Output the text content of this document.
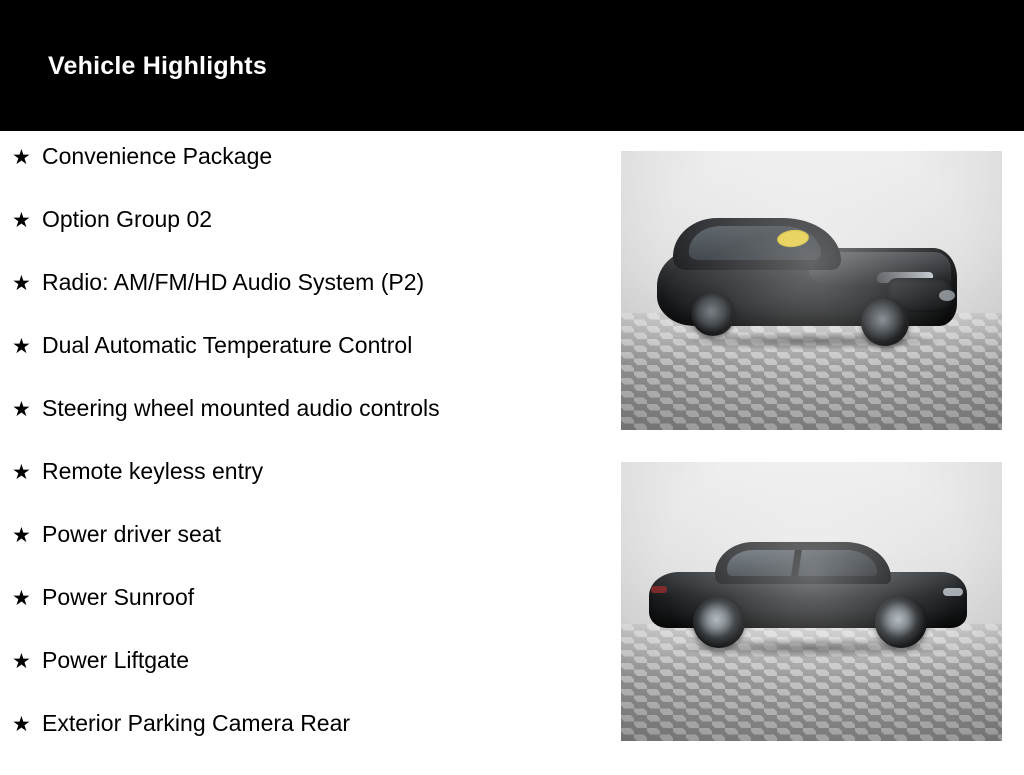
Vehicle Highlights
★ Convenience Package
★ Option Group 02
★ Radio: AM/FM/HD Audio System (P2)
★ Dual Automatic Temperature Control
★ Steering wheel mounted audio controls
★ Remote keyless entry
★ Power driver seat
★ Power Sunroof
★ Power Liftgate
★ Exterior Parking Camera Rear
